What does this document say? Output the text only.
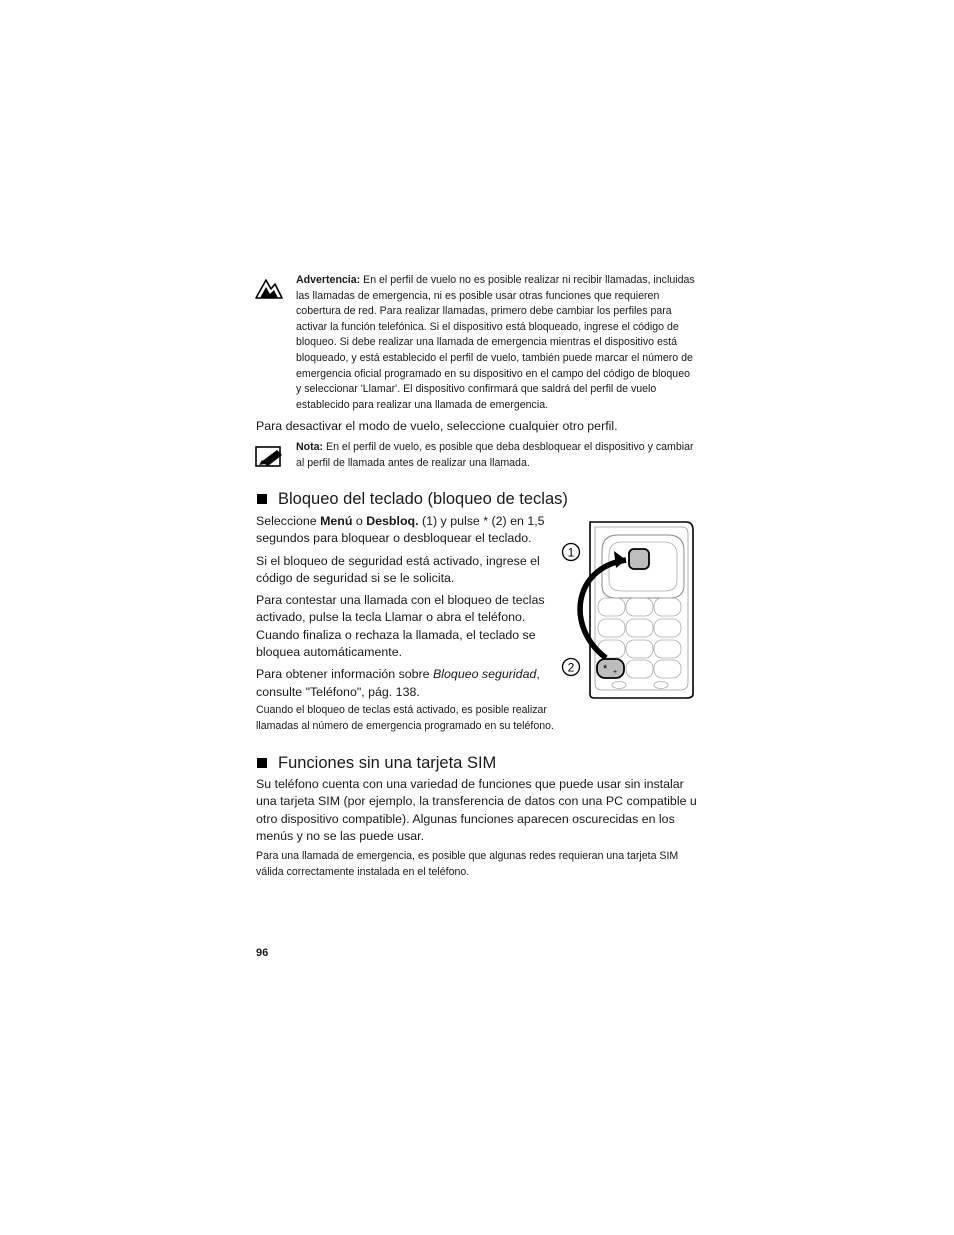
Advertencia: En el perfil de vuelo no es posible realizar ni recibir llamadas, incluidas las llamadas de emergencia, ni es posible usar otras funciones que requieren cobertura de red. Para realizar llamadas, primero debe cambiar los perfiles para activar la función telefónica. Si el dispositivo está bloqueado, ingrese el código de bloqueo. Si debe realizar una llamada de emergencia mientras el dispositivo está bloqueado, y está establecido el perfil de vuelo, también puede marcar el número de emergencia oficial programado en su dispositivo en el campo del código de bloqueo y seleccionar 'Llamar'. El dispositivo confirmará que saldrá del perfil de vuelo establecido para realizar una llamada de emergencia.

Para desactivar el modo de vuelo, seleccione cualquier otro perfil.

Nota: En el perfil de vuelo, es posible que deba desbloquear el dispositivo y cambiar al perfil de llamada antes de realizar una llamada.

Bloqueo del teclado (bloqueo de teclas)

Seleccione Menú o Desbloq. (1) y pulse * (2) en 1,5 segundos para bloquear o desbloquear el teclado.

Si el bloqueo de seguridad está activado, ingrese el código de seguridad si se le solicita.

Para contestar una llamada con el bloqueo de teclas activado, pulse la tecla Llamar o abra el teléfono. Cuando finaliza o rechaza la llamada, el teclado se bloquea automáticamente.

Para obtener información sobre Bloqueo seguridad, consulte "Teléfono", pág. 138.

Cuando el bloqueo de teclas está activado, es posible realizar llamadas al número de emergencia programado en su teléfono.

* +
1
2
Funciones sin una tarjeta SIM

Su teléfono cuenta con una variedad de funciones que puede usar sin instalar una tarjeta SIM (por ejemplo, la transferencia de datos con una PC compatible u otro dispositivo compatible). Algunas funciones aparecen oscurecidas en los menús y no se las puede usar.

Para una llamada de emergencia, es posible que algunas redes requieran una tarjeta SIM válida correctamente instalada en el teléfono.

96
